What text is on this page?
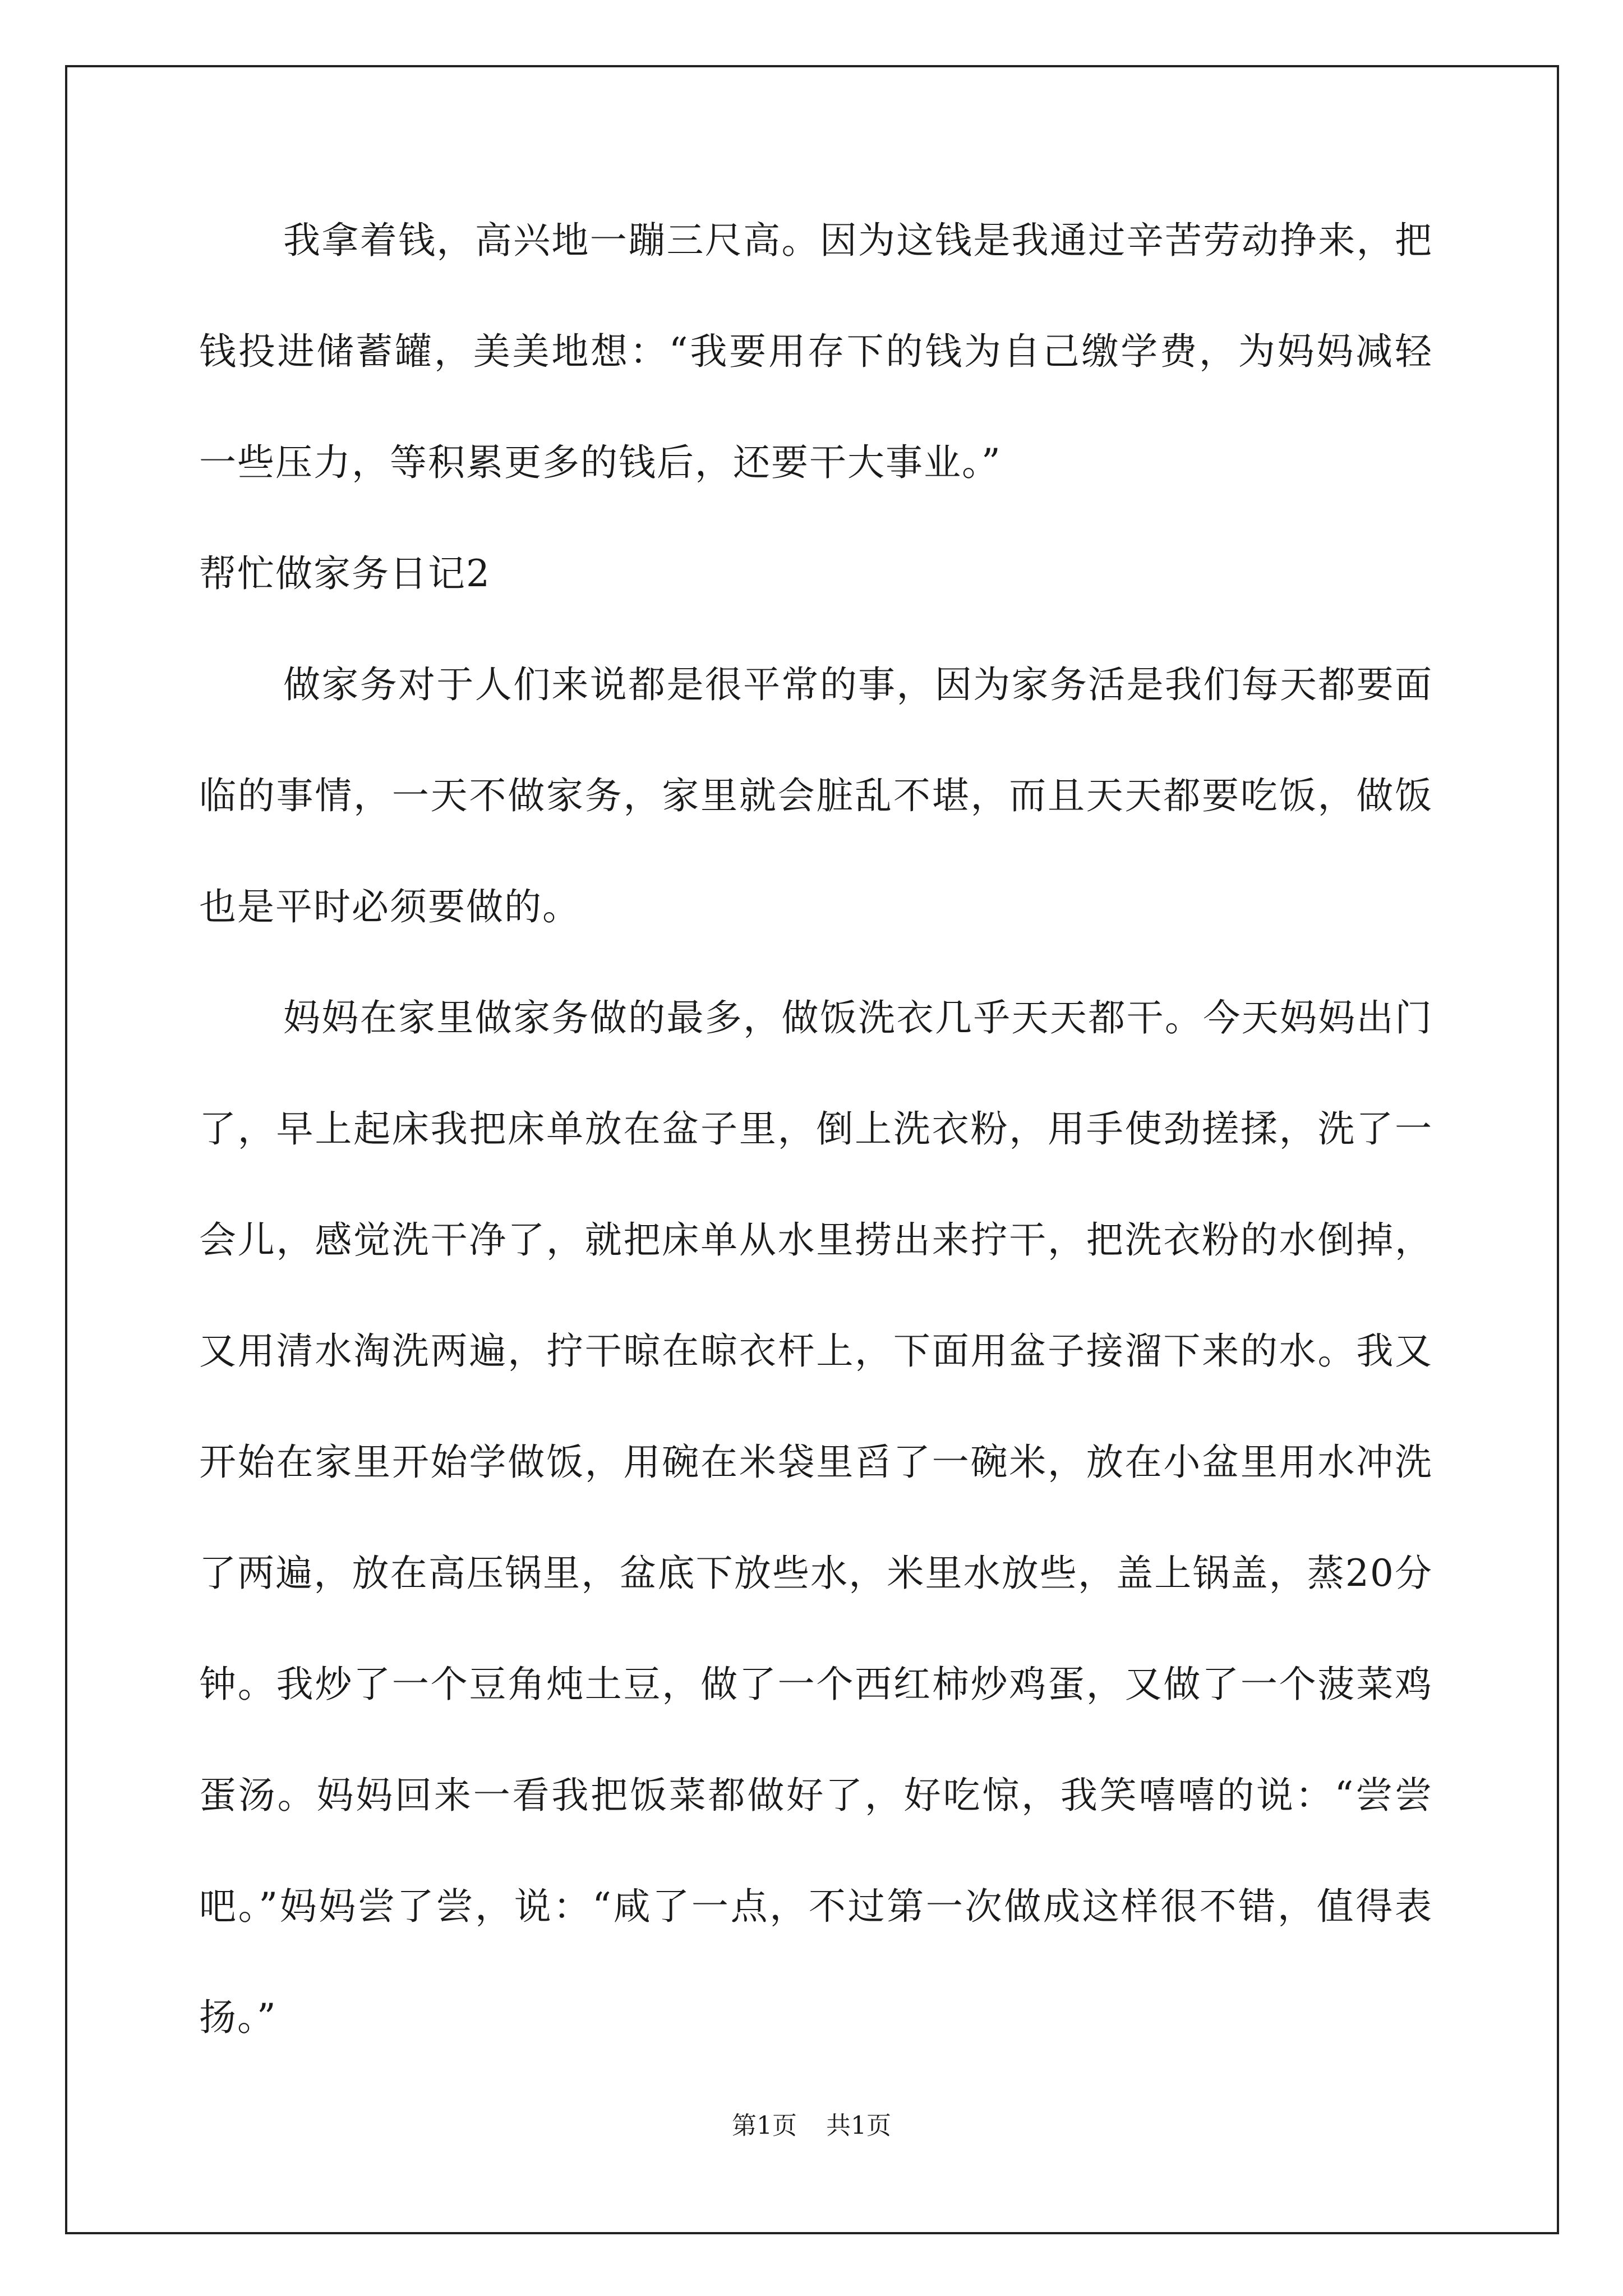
我拿着钱，高兴地一蹦三尺高。因为这钱是我通过辛苦劳动挣来，把钱投进储蓄罐，美美地想：“我要用存下的钱为自己缴学费，为妈妈减轻一些压力，等积累更多的钱后，还要干大事业。”

帮忙做家务日记2

做家务对于人们来说都是很平常的事，因为家务活是我们每天都要面临的事情，一天不做家务，家里就会脏乱不堪，而且天天都要吃饭，做饭也是平时必须要做的。

妈妈在家里做家务做的最多，做饭洗衣几乎天天都干。今天妈妈出门了，早上起床我把床单放在盆子里，倒上洗衣粉，用手使劲搓揉，洗了一会儿，感觉洗干净了，就把床单从水里捞出来拧干，把洗衣粉的水倒掉，又用清水淘洗两遍，拧干晾在晾衣杆上，下面用盆子接溜下来的水。我又开始在家里开始学做饭，用碗在米袋里舀了一碗米，放在小盆里用水冲洗了两遍，放在高压锅里，盆底下放些水，米里水放些，盖上锅盖，蒸20分钟。我炒了一个豆角炖土豆，做了一个西红柿炒鸡蛋，又做了一个菠菜鸡蛋汤。妈妈回来一看我把饭菜都做好了，好吃惊，我笑嘻嘻的说：“尝尝吧。”妈妈尝了尝，说：“咸了一点，不过第一次做成这样很不错，值得表扬。”

第1页 共1页
